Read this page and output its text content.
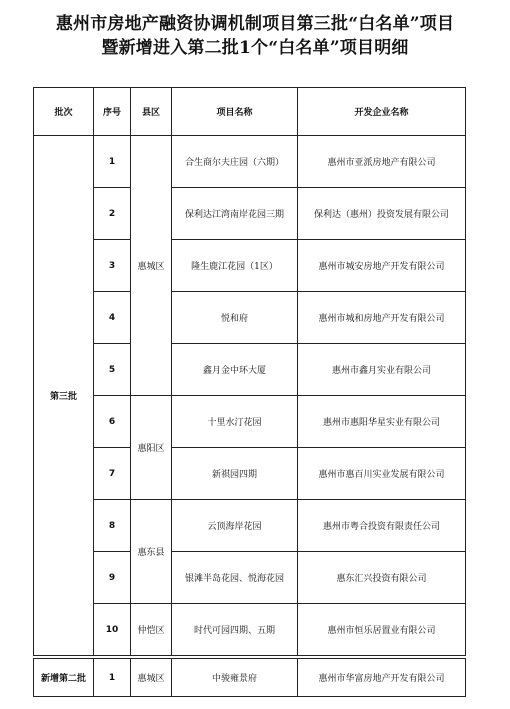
惠州市房地产融资协调机制项目第三批“白名单”项目
暨新增进入第二批1个“白名单”项目明细
批次	序号	县区	项目名称	开发企业名称
第三批	1	惠城区	合生商尔夫庄园（六期）	惠州市亚派房地产有限公司
	2		保利达江湾南岸花园三期	保利达（惠州）投资发展有限公司
	3		隆生鹿江花园（1区）	惠州市城安房地产开发有限公司
	4		悦和府	惠州市城和房地产开发有限公司
	5		鑫月金中环大厦	惠州市鑫月实业有限公司
	6	惠阳区	十里水汀花园	惠州市惠阳华星实业有限公司
	7		新祺园四期	惠州市惠百川实业发展有限公司
	8	惠东县	云顶海岸花园	惠州市粤合投资有限责任公司
	9		银滩半岛花园、悦海花园	惠东汇兴投资有限公司
	10	仲恺区	时代可园四期、五期	惠州市恒乐居置业有限公司

新增第二批	1	惠城区	中骏雍景府	惠州市华富房地产开发有限公司
